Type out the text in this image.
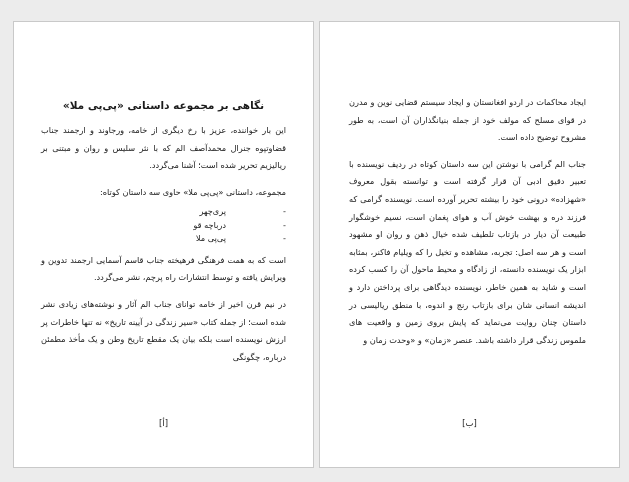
نگاهی بر مجموعه داستانی «پی‌پی ملا»

این بار خواننده، عزیز با رخ دیگری از خامه، ورجاوند و ارجمند جناب قضاوتپوه جنرال محمدآصف الم که با نثر سلیس و روان و مبتنی بر ریالیزیم تحریر شده است؛ آشنا می‌گردد.

مجموعه، داستانی «پی‌پی ملا» حاوی سه داستان کوتاه:

-
پری‌چهر
-
درباچه قو
-
پی‌پی ملا

است که به همت فرهنگی فرهیخته جناب قاسم آسمایی ارجمند تدوین و ویرایش یافته و توسط انتشارات راه پرچم، نشر می‌گردد.

در نیم قرن اخیر از خامه توانای جناب الم آثار و نوشته‌های زیادی نشر شده است؛ از جمله کتاب «سیر زندگی در آیینه تاریخ» نه تنها خاطرات پر ارزش نویسنده است بلکه بیان یک مقطع تاریخ وطن و یک مأخذ مطمئن درباره، چگونگی

[أ]

ایجاد محاکمات در اردو افغانستان و ایجاد سیستم قضایی نوین و مدرن در قوای مسلح که مولف خود از جمله بنیانگذاران آن است، به طور مشروح توضیح داده است.

جناب الم گرامی با نوشتن این سه داستان کوتاه در ردیف نویسنده با تعبیر دقیق ادبی آن قرار گرفته است و توانسته بقول معروف «شهزاده» درونی خود را بیشته تحریر آورده است. نویسنده گرامی که فرزند دره و بهشت خوش آب و هوای پغمان است، نسیم خوشگوار طبیعت آن دیار در بازتاب تلطیف شده خیال ذهن و روان او مشهود است و هر سه اصل: تجربه، مشاهده و تخیل را که ویلیام فاکنر، بمثابه ابزار یک نویسنده دانسته، از زادگاه و محیط ماحول آن را کسب کرده است و شاید به همین خاطر، نویسنده دیدگاهی برای پرداختن دارد و اندیشه انسانی شان برای بازتاب رنج و اندوه، با منطق ریالیسی در داستان چنان روایت می‌نماید که پایش بروی زمین و واقعیت های ملموس زندگی قرار داشته باشد. عنصر «زمان» و «وحدت زمان و

[ب]
